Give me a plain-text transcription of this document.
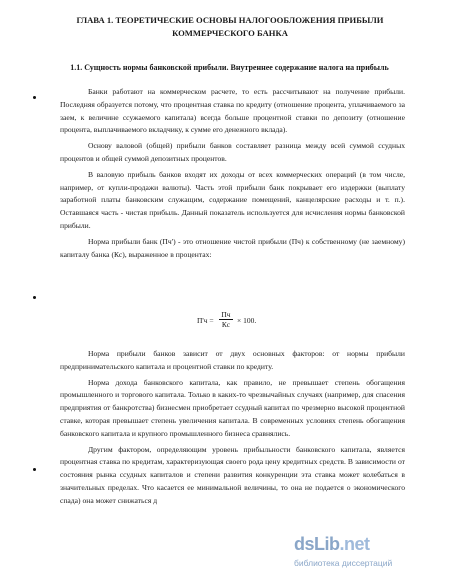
ГЛАВА 1. ТЕОРЕТИЧЕСКИЕ ОСНОВЫ НАЛОГООБЛОЖЕНИЯ ПРИБЫЛИ КОММЕРЧЕСКОГО БАНКА
1.1. Сущность нормы банковской прибыли. Внутреннее содержание налога на прибыль

Банки работают на коммерческом расчете, то есть рассчитывают на получение прибыли. Последняя образуется потому, что процентная ставка по кредиту (отношение процента, уплачиваемого за заем, к величине ссужаемого капитала) всегда больше процентной ставки по депозиту (отношение процента, выплачиваемого вкладчику, к сумме его денежного вклада).

Основу валовой (общей) прибыли банков составляет разница между всей суммой ссудных процентов и общей суммой депозитных процентов.

В валовую прибыль банков входят их доходы от всех коммерческих операций (в том числе, например, от купли-продажи валюты). Часть этой прибыли банк покрывает его издержки (выплату заработной платы банковским служащим, содержание помещений, канцелярские расходы и т. п.). Оставшаяся часть - чистая прибыль. Данный показатель используется для исчисления нормы банковской прибыли.

Норма прибыли банк (Пч') - это отношение чистой прибыли (Пч) к собственному (не заемному) капиталу банка (Кс), выраженное в процентах:

П'ч =
Пч
Кс × 100.

Норма прибыли банков зависит от двух основных факторов: от нормы прибыли предпринимательского капитала и процентной ставки по кредиту.

Норма дохода банковского капитала, как правило, не превышает степень обогащения промышленного и торгового капитала. Только в каких-то чрезвычайных случаях (например, для спасения предприятия от банкротства) бизнесмен приобретает ссудный капитал по чрезмерно высокой процентной ставке, которая превышает степень увеличения капитала. В современных условиях степень обогащения банковского капитала и крупного промышленного бизнеса сравнялись.

Другим фактором, определяющим уровень прибыльности банковского капитала, является процентная ставка по кредитам, характеризующая своего рода цену кредитных средств. В зависимости от состояния рынка ссудных капиталов и степени развития конкуренции эта ставка может колебаться в значительных пределах. Что касается ее минимальной величины, то она не подается о экономического спада) она может снижаться д

dsLib.net
библиотека диссертаций
